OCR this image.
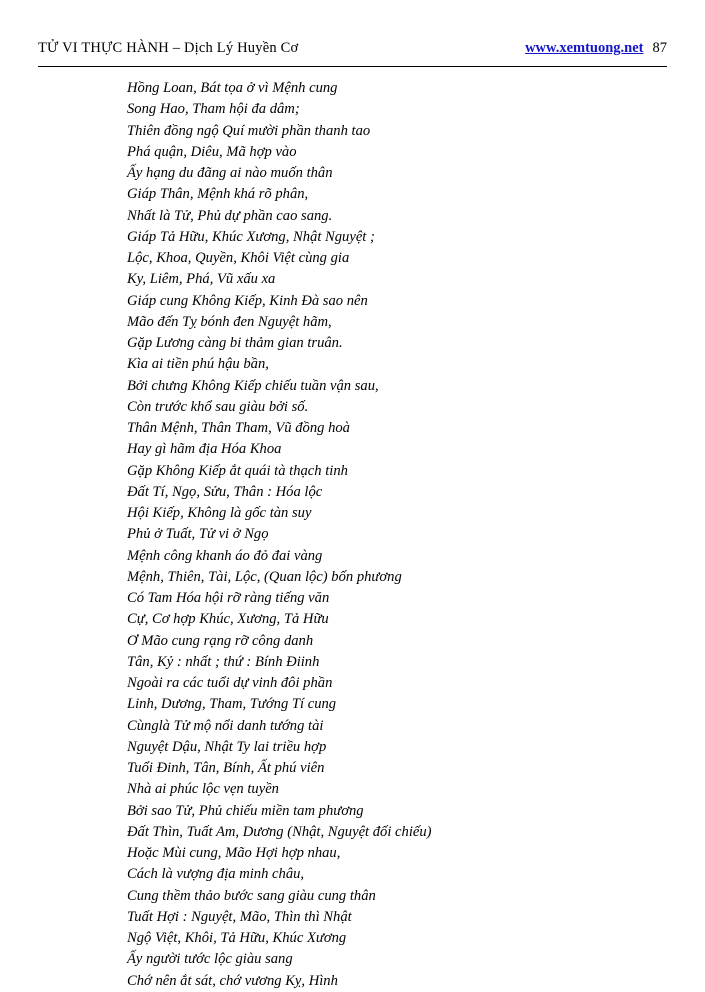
TỬ VI THỰC HÀNH – Dịch Lý Huyền Cơ	www.xemtuong.net 87
Hồng Loan, Bát tọa ở vì Mệnh cung
Song Hao, Tham hội đa dâm;
Thiên đồng ngộ Quí mười phần thanh tao
Phá quận, Diêu, Mã hợp vào
Ấy hạng du đãng ai nào muốn thân
Giáp Thân, Mệnh khá rõ phân,
Nhất là Tử, Phủ dự phần cao sang.
Giáp Tả Hữu, Khúc Xương, Nhật Nguyệt ;
Lộc, Khoa, Quyền, Khôi Việt cùng gia
Ky, Liêm, Phá, Vũ xấu xa
Giáp cung Không Kiếp, Kinh Đà sao nên
Mão đến Tỵ bónh đen Nguyệt hãm,
Gặp Lương càng bi thảm gian truân.
Kìa ai tiền phú hậu bần,
Bởi chưng Không Kiếp chiếu tuần vận sau,
Còn trước khổ sau giàu bởi số.
Thân Mệnh, Thân Tham, Vũ đồng hoà
Hay gì hãm địa Hóa Khoa
Gặp Không Kiếp ắt quái tà thạch tinh
Đất Tí, Ngọ, Sửu, Thân : Hóa lộc
Hội Kiếp, Không là gốc tàn suy
Phủ ở Tuất, Tử vi ở Ngọ
Mệnh công khanh áo đỏ đai vàng
Mệnh, Thiên, Tài, Lộc, (Quan lộc) bốn phương
Có Tam Hóa hội rỡ ràng tiếng văn
Cự, Cơ hợp Khúc, Xương, Tả Hữu
Ơ Mão cung rạng rỡ công danh
Tân, Kỷ : nhất ; thứ : Bính Điinh
Ngoài ra các tuổi dự vinh đôi phần
Linh, Dương, Tham, Tướng Tí cung
Cùnglà Tử mộ nổi danh tướng tài
Nguyệt Dậu, Nhật Ty lai triều hợp
Tuổi Đinh, Tân, Bính, Ất phú viên
Nhà ai phúc lộc vẹn tuyền
Bởi sao Tử, Phủ chiếu miền tam phương
Đất Thìn, Tuất Am, Dương (Nhật, Nguyệt đối chiếu)
Hoặc Mùi cung, Mão Hợi hợp nhau,
Cách là vượng địa minh châu,
Cung thềm thảo bước sang giàu cung thân
Tuất Hợi : Nguyệt, Mão, Thìn thì Nhật
Ngộ Việt, Khôi, Tả Hữu, Khúc Xương
Ấy người tước lộc giàu sang
Chớ nên ắt sát, chớ vương Kỵ, Hình
